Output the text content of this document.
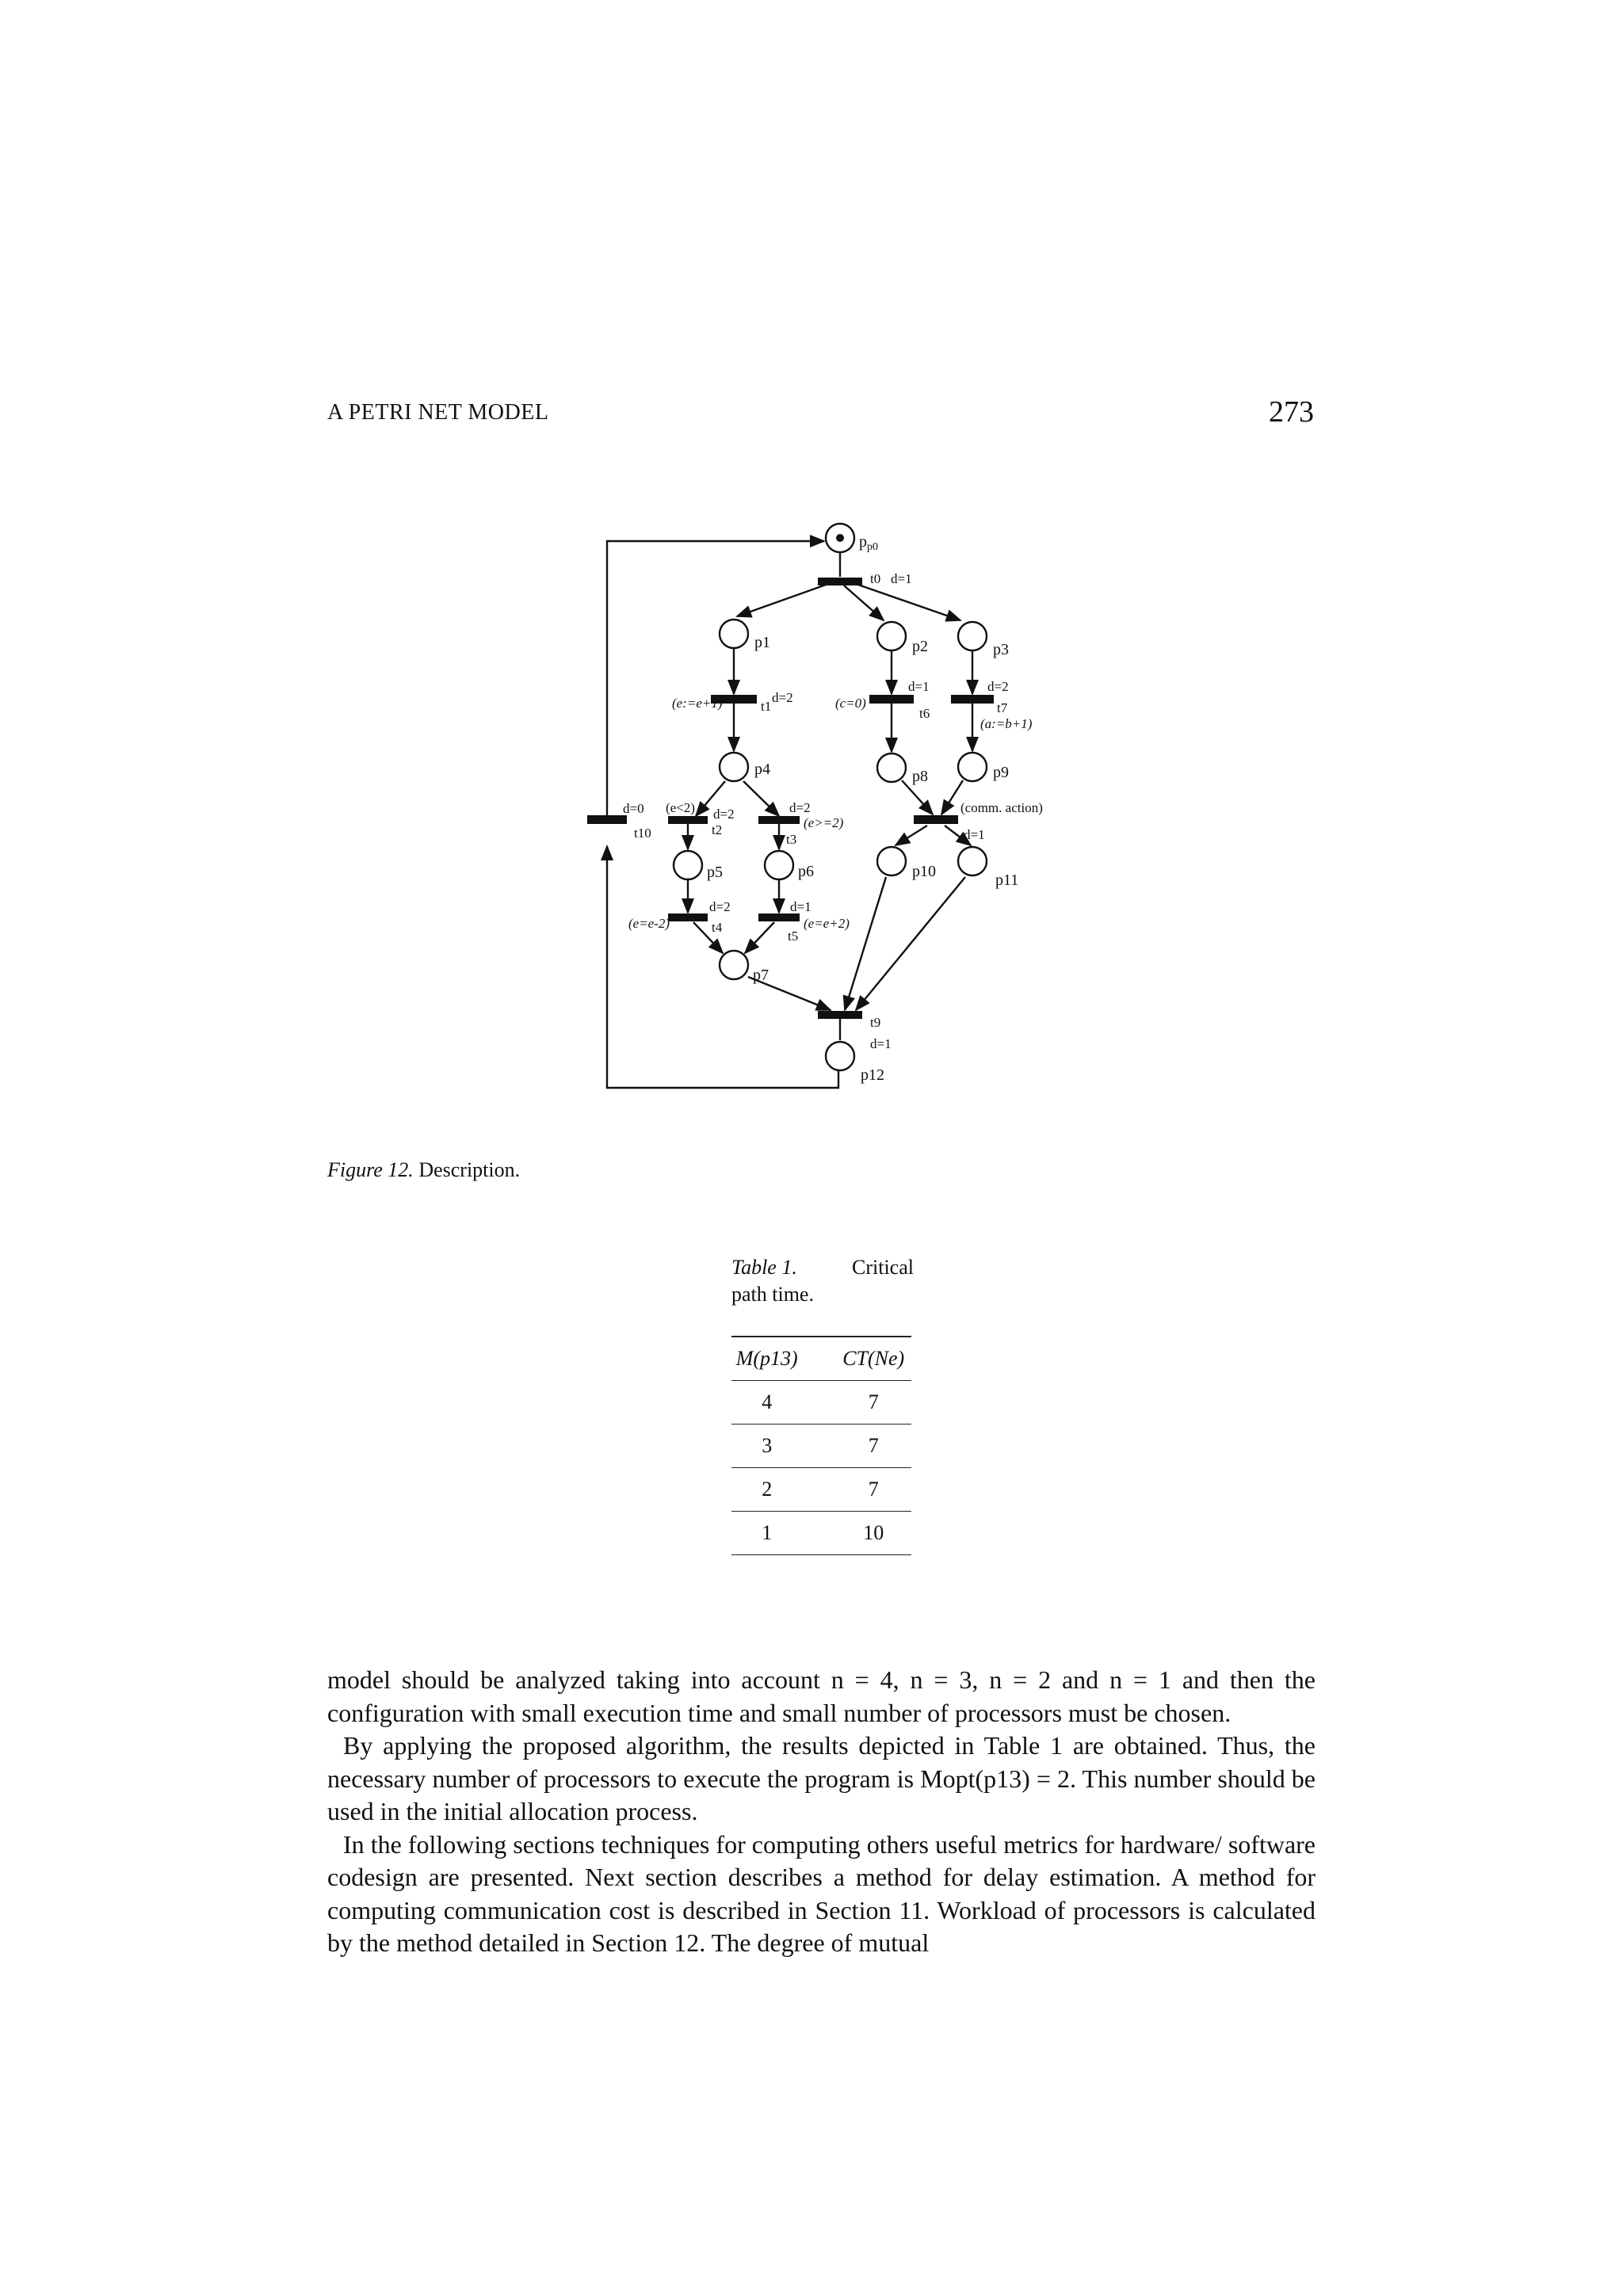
A PETRI NET MODEL	273
$p_{p0}$
p1	p2	p3
p4	p8	p9
p5	p6	p10	p11
p7
p12
t0 d=1
t1
d=2
(e:=e+1)
t6
d=1
(c=0)	t7
d=2
(a:=b+1)
t2
d=2
(e<2)
t3
d=2
(e>=2)
(comm. action)
d=1
d=0
t10
t4
d=2
(e=e-2)
t5
d=1
(e=e+2)
t9
d=1
Figure 12. Description.
Table 1.	Critical

path time.
M(p13)	CT(Ne)
4	7
3	7
2	7
1	10

model should be analyzed taking into account n = 4, n = 3, n = 2 and n = 1 and then the configuration with small execution time and small number of processors must be chosen.

By applying the proposed algorithm, the results depicted in Table 1 are obtained. Thus, the necessary number of processors to execute the program is Mopt(p13) = 2. This number should be used in the initial allocation process.

In the following sections techniques for computing others useful metrics for hardware/ software codesign are presented. Next section describes a method for delay estimation. A method for computing communication cost is described in Section 11. Workload of processors is calculated by the method detailed in Section 12. The degree of mutual
